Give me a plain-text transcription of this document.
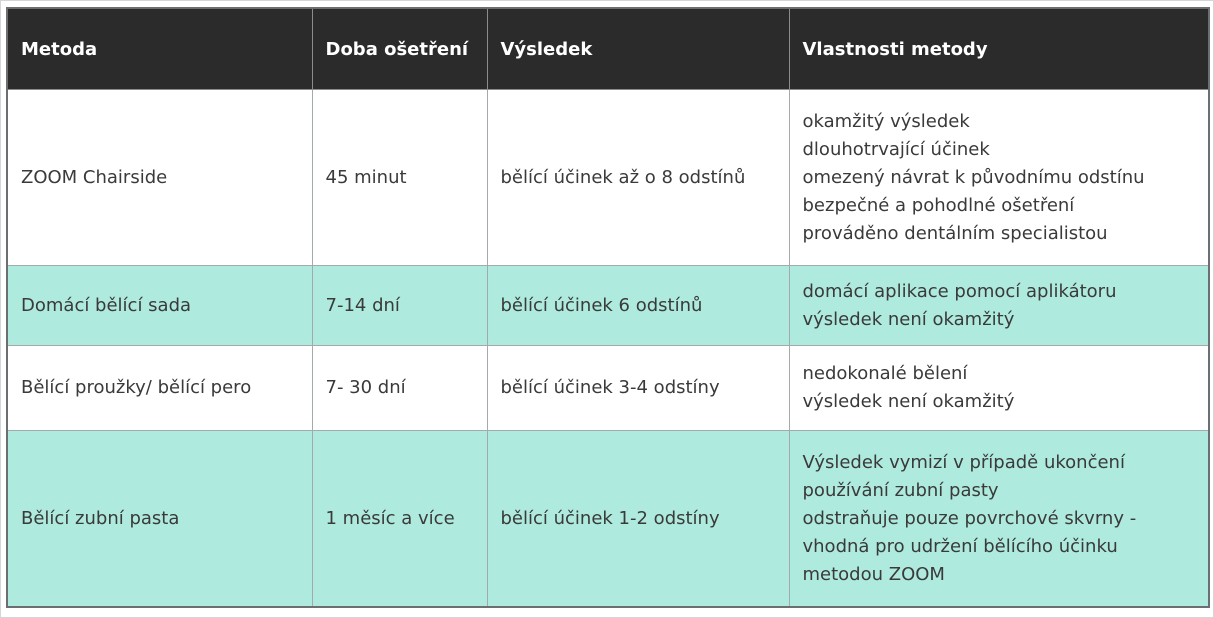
Metoda	Doba ošetření	Výsledek	Vlastnosti metody
ZOOM Chairside	45 minut	bělící účinek až o 8 odstínů	okamžitý výsledek
dlouhotrvající účinek
omezený návrat k původnímu odstínu
bezpečné a pohodlné ošetření
prováděno dentálním specialistou

Domácí bělící sada	7-14 dní	bělící účinek 6 odstínů	domácí aplikace pomocí aplikátoru
výsledek není okamžitý

Bělící proužky/ bělící pero	7- 30 dní	bělící účinek 3-4 odstíny	nedokonalé bělení
výsledek není okamžitý

Bělící zubní pasta	1 měsíc a více	bělící účinek 1-2 odstíny	Výsledek vymizí v případě ukončení
používání zubní pasty
odstraňuje pouze povrchové skvrny -
vhodná pro udržení bělícího účinku
metodou ZOOM
